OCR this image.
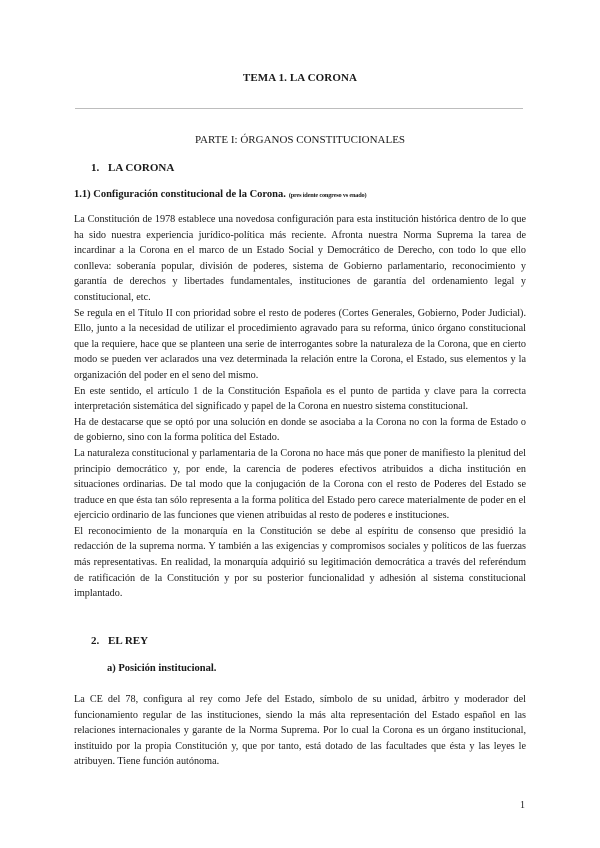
TEMA 1. LA CORONA
PARTE I: ÓRGANOS CONSTITUCIONALES
1. LA CORONA
1.1) Configuración constitucional de la Corona. (pres idente congreso vs enado)

La Constitución de 1978 establece una novedosa configuración para esta institución histórica dentro de lo que ha sido nuestra experiencia jurídico-política más reciente. Afronta nuestra Norma Suprema la tarea de incardinar a la Corona en el marco de un Estado Social y Democrático de Derecho, con todo lo que ello conlleva: soberanía popular, división de poderes, sistema de Gobierno parlamentario, reconocimiento y garantía de derechos y libertades fundamentales, instituciones de garantía del ordenamiento legal y constitucional, etc.

Se regula en el Título II con prioridad sobre el resto de poderes (Cortes Generales, Gobierno, Poder Judicial). Ello, junto a la necesidad de utilizar el procedimiento agravado para su reforma, único órgano constitucional que la requiere, hace que se planteen una serie de interrogantes sobre la naturaleza de la Corona, que en cierto modo se pueden ver aclarados una vez determinada la relación entre la Corona, el Estado, sus elementos y la organización del poder en el seno del mismo.

En este sentido, el artículo 1 de la Constitución Española es el punto de partida y clave para la correcta interpretación sistemática del significado y papel de la Corona en nuestro sistema constitucional.

Ha de destacarse que se optó por una solución en donde se asociaba a la Corona no con la forma de Estado o de gobierno, sino con la forma política del Estado.

La naturaleza constitucional y parlamentaria de la Corona no hace más que poner de manifiesto la plenitud del principio democrático y, por ende, la carencia de poderes efectivos atribuidos a dicha institución en situaciones ordinarias. De tal modo que la conjugación de la Corona con el resto de Poderes del Estado se traduce en que ésta tan sólo representa a la forma política del Estado pero carece materialmente de poder en el ejercicio ordinario de las funciones que vienen atribuidas al resto de poderes e instituciones.

El reconocimiento de la monarquía en la Constitución se debe al espíritu de consenso que presidió la redacción de la suprema norma. Y también a las exigencias y compromisos sociales y políticos de las fuerzas más representativas. En realidad, la monarquía adquirió su legitimación democrática a través del referéndum de ratificación de la Constitución y por su posterior funcionalidad y adhesión al sistema constitucional implantado.

2. EL REY
a) Posición institucional.

La CE del 78, configura al rey como Jefe del Estado, símbolo de su unidad, árbitro y moderador del funcionamiento regular de las instituciones, siendo la más alta representación del Estado español en las relaciones internacionales y garante de la Norma Suprema. Por lo cual la Corona es un órgano institucional, instituido por la propia Constitución y, que por tanto, está dotado de las facultades que ésta y las leyes le atribuyen. Tiene función autónoma.

1
